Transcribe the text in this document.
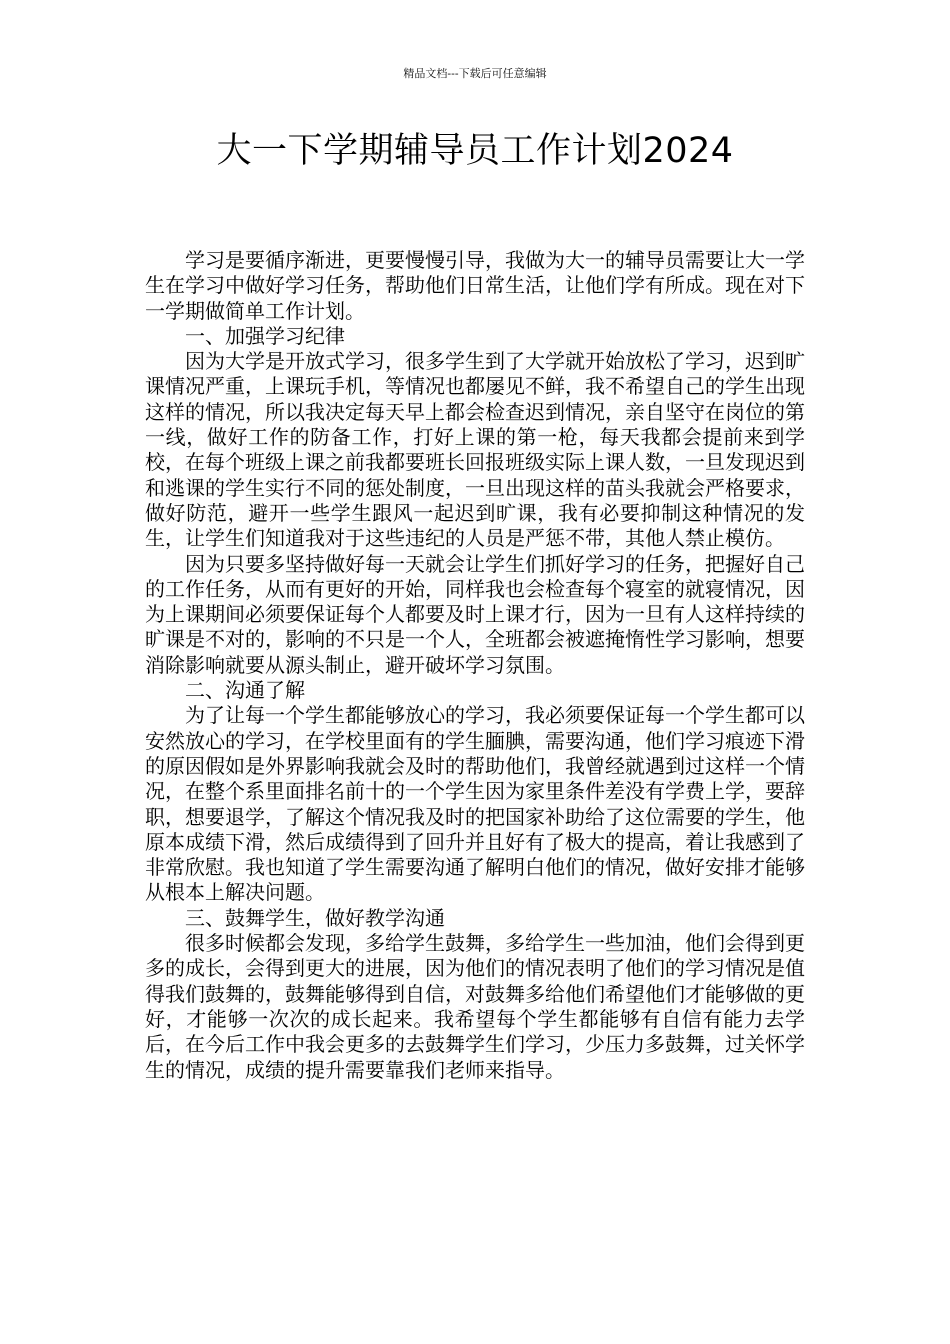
精品文档---下载后可任意编辑
大一下学期辅导员工作计划2024

学习是要循序渐进，更要慢慢引导，我做为大一的辅导员需要让大一学生在学习中做好学习任务，帮助他们日常生活，让他们学有所成。现在对下一学期做简单工作计划。

一、加强学习纪律

因为大学是开放式学习，很多学生到了大学就开始放松了学习，迟到旷课情况严重，上课玩手机，等情况也都屡见不鲜，我不希望自己的学生出现这样的情况，所以我决定每天早上都会检查迟到情况，亲自坚守在岗位的第一线，做好工作的防备工作，打好上课的第一枪，每天我都会提前来到学校，在每个班级上课之前我都要班长回报班级实际上课人数，一旦发现迟到和逃课的学生实行不同的惩处制度，一旦出现这样的苗头我就会严格要求，做好防范，避开一些学生跟风一起迟到旷课，我有必要抑制这种情况的发生，让学生们知道我对于这些违纪的人员是严惩不带，其他人禁止模仿。

因为只要多坚持做好每一天就会让学生们抓好学习的任务，把握好自己的工作任务，从而有更好的开始，同样我也会检查每个寝室的就寝情况，因为上课期间必须要保证每个人都要及时上课才行，因为一旦有人这样持续的旷课是不对的，影响的不只是一个人，全班都会被遮掩惰性学习影响，想要消除影响就要从源头制止，避开破坏学习氛围。

二、沟通了解

为了让每一个学生都能够放心的学习，我必须要保证每一个学生都可以安然放心的学习，在学校里面有的学生腼腆，需要沟通，他们学习痕迹下滑的原因假如是外界影响我就会及时的帮助他们，我曾经就遇到过这样一个情况，在整个系里面排名前十的一个学生因为家里条件差没有学费上学，要辞职，想要退学，了解这个情况我及时的把国家补助给了这位需要的学生，他原本成绩下滑，然后成绩得到了回升并且好有了极大的提高，着让我感到了非常欣慰。我也知道了学生需要沟通了解明白他们的情况，做好安排才能够从根本上解决问题。

三、鼓舞学生，做好教学沟通

很多时候都会发现，多给学生鼓舞，多给学生一些加油，他们会得到更多的成长，会得到更大的进展，因为他们的情况表明了他们的学习情况是值得我们鼓舞的，鼓舞能够得到自信，对鼓舞多给他们希望他们才能够做的更好，才能够一次次的成长起来。我希望每个学生都能够有自信有能力去学后，在今后工作中我会更多的去鼓舞学生们学习，少压力多鼓舞，过关怀学生的情况，成绩的提升需要靠我们老师来指导。
